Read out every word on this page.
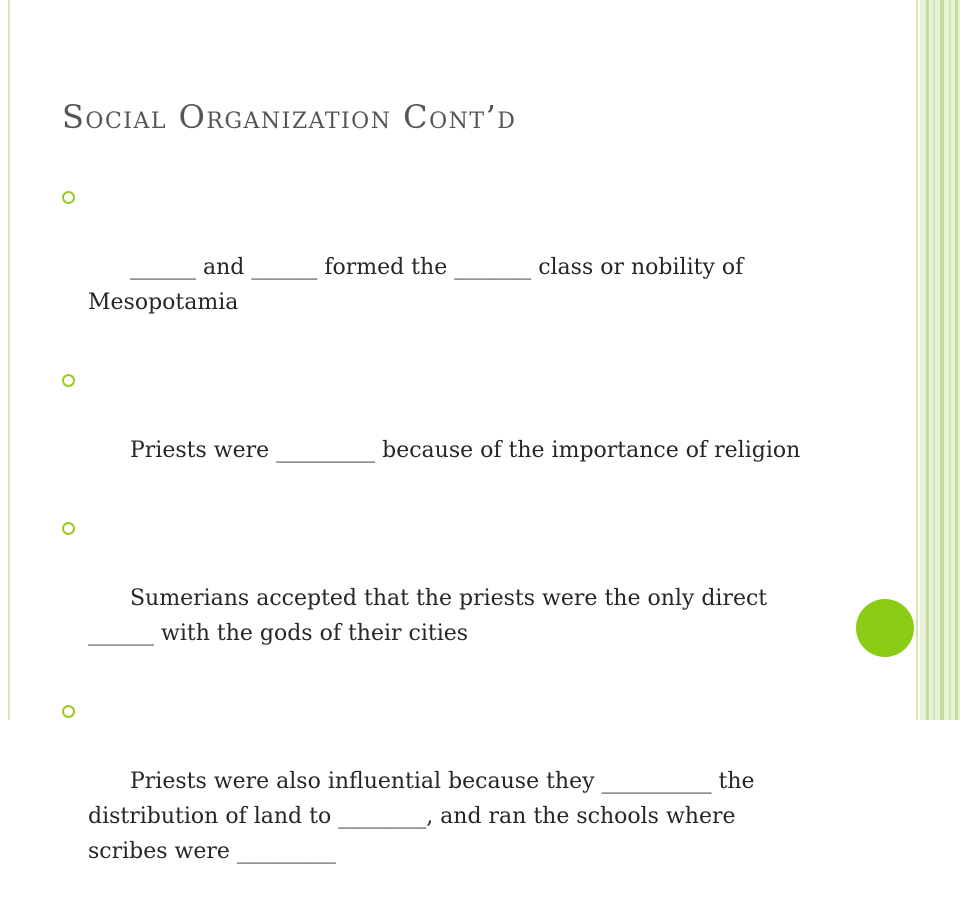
Social Organization Cont’d

______ and ______ formed the _______ class or nobility of Mesopotamia

Priests were _________ because of the importance of religion

Sumerians accepted that the priests were the only direct ______ with the gods of their cities

Priests were also influential because they __________ the distribution of land to ________, and ran the schools where scribes were _________
